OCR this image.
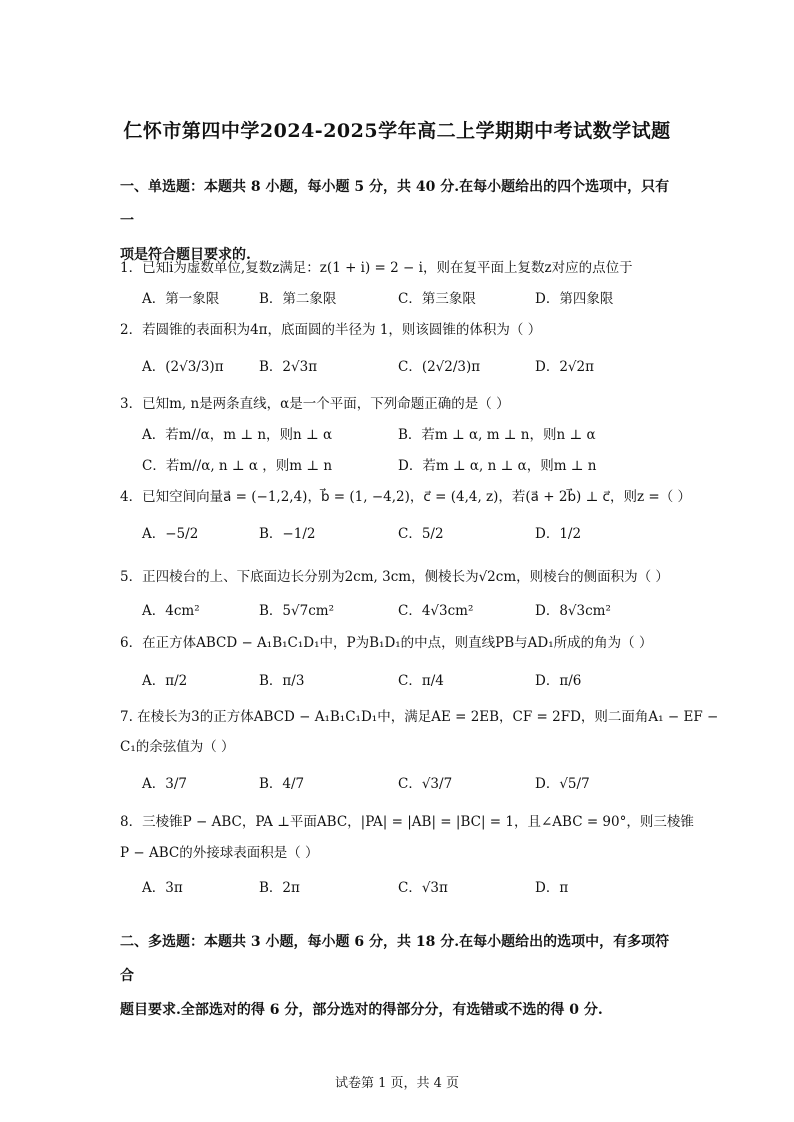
仁怀市第四中学2024-2025学年高二上学期期中考试数学试题
一、单选题：本题共 8 小题，每小题 5 分，共 40 分.在每小题给出的四个选项中，只有一
项是符合题目要求的.
1．已知i为虚数单位,复数z满足：z(1 + i) = 2 − i，则在复平面上复数z对应的点位于
A．第一象限	B．第二象限	C．第三象限	D．第四象限
2．若圆锥的表面积为4π，底面圆的半径为 1，则该圆锥的体积为（ ）
A．(2√3/3)π	B．2√3π	C．(2√2/3)π	D．2√2π
3．已知m, n是两条直线，α是一个平面，下列命题正确的是（ ）
A．若m//α，m ⊥ n，则n ⊥ α	B．若m ⊥ α, m ⊥ n，则n ⊥ α
C．若m//α, n ⊥ α ，则m ⊥ n	D．若m ⊥ α, n ⊥ α，则m ⊥ n
4．已知空间向量a⃗ = (−1,2,4)，b⃗ = (1, −4,2)，c⃗ = (4,4, z)，若(a⃗ + 2b⃗) ⊥ c⃗，则z =（ ）
A．−5/2	B．−1/2	C．5/2	D．1/2
5．正四棱台的上、下底面边长分别为2cm, 3cm，侧棱长为√2cm，则棱台的侧面积为（ ）
A．4cm²	B．5√7cm²	C．4√3cm²	D．8√3cm²
6．在正方体ABCD − A₁B₁C₁D₁中，P为B₁D₁的中点，则直线PB与AD₁所成的角为（ ）
A．π/2	B．π/3	C．π/4	D．π/6
7. 在棱长为3的正方体ABCD − A₁B₁C₁D₁中，满足AE = 2EB，CF = 2FD，则二面角A₁ − EF −
C₁的余弦值为（ ）
A．3/7	B．4/7	C．√3/7	D．√5/7
8．三棱锥P − ABC，PA ⊥平面ABC，|PA| = |AB| = |BC| = 1，且∠ABC = 90°，则三棱锥
P − ABC的外接球表面积是（ ）
A．3π	B．2π	C．√3π	D．π
二、多选题：本题共 3 小题，每小题 6 分，共 18 分.在每小题给出的选项中，有多项符合
题目要求.全部选对的得 6 分，部分选对的得部分分，有选错或不选的得 0 分.
试卷第 1 页，共 4 页
